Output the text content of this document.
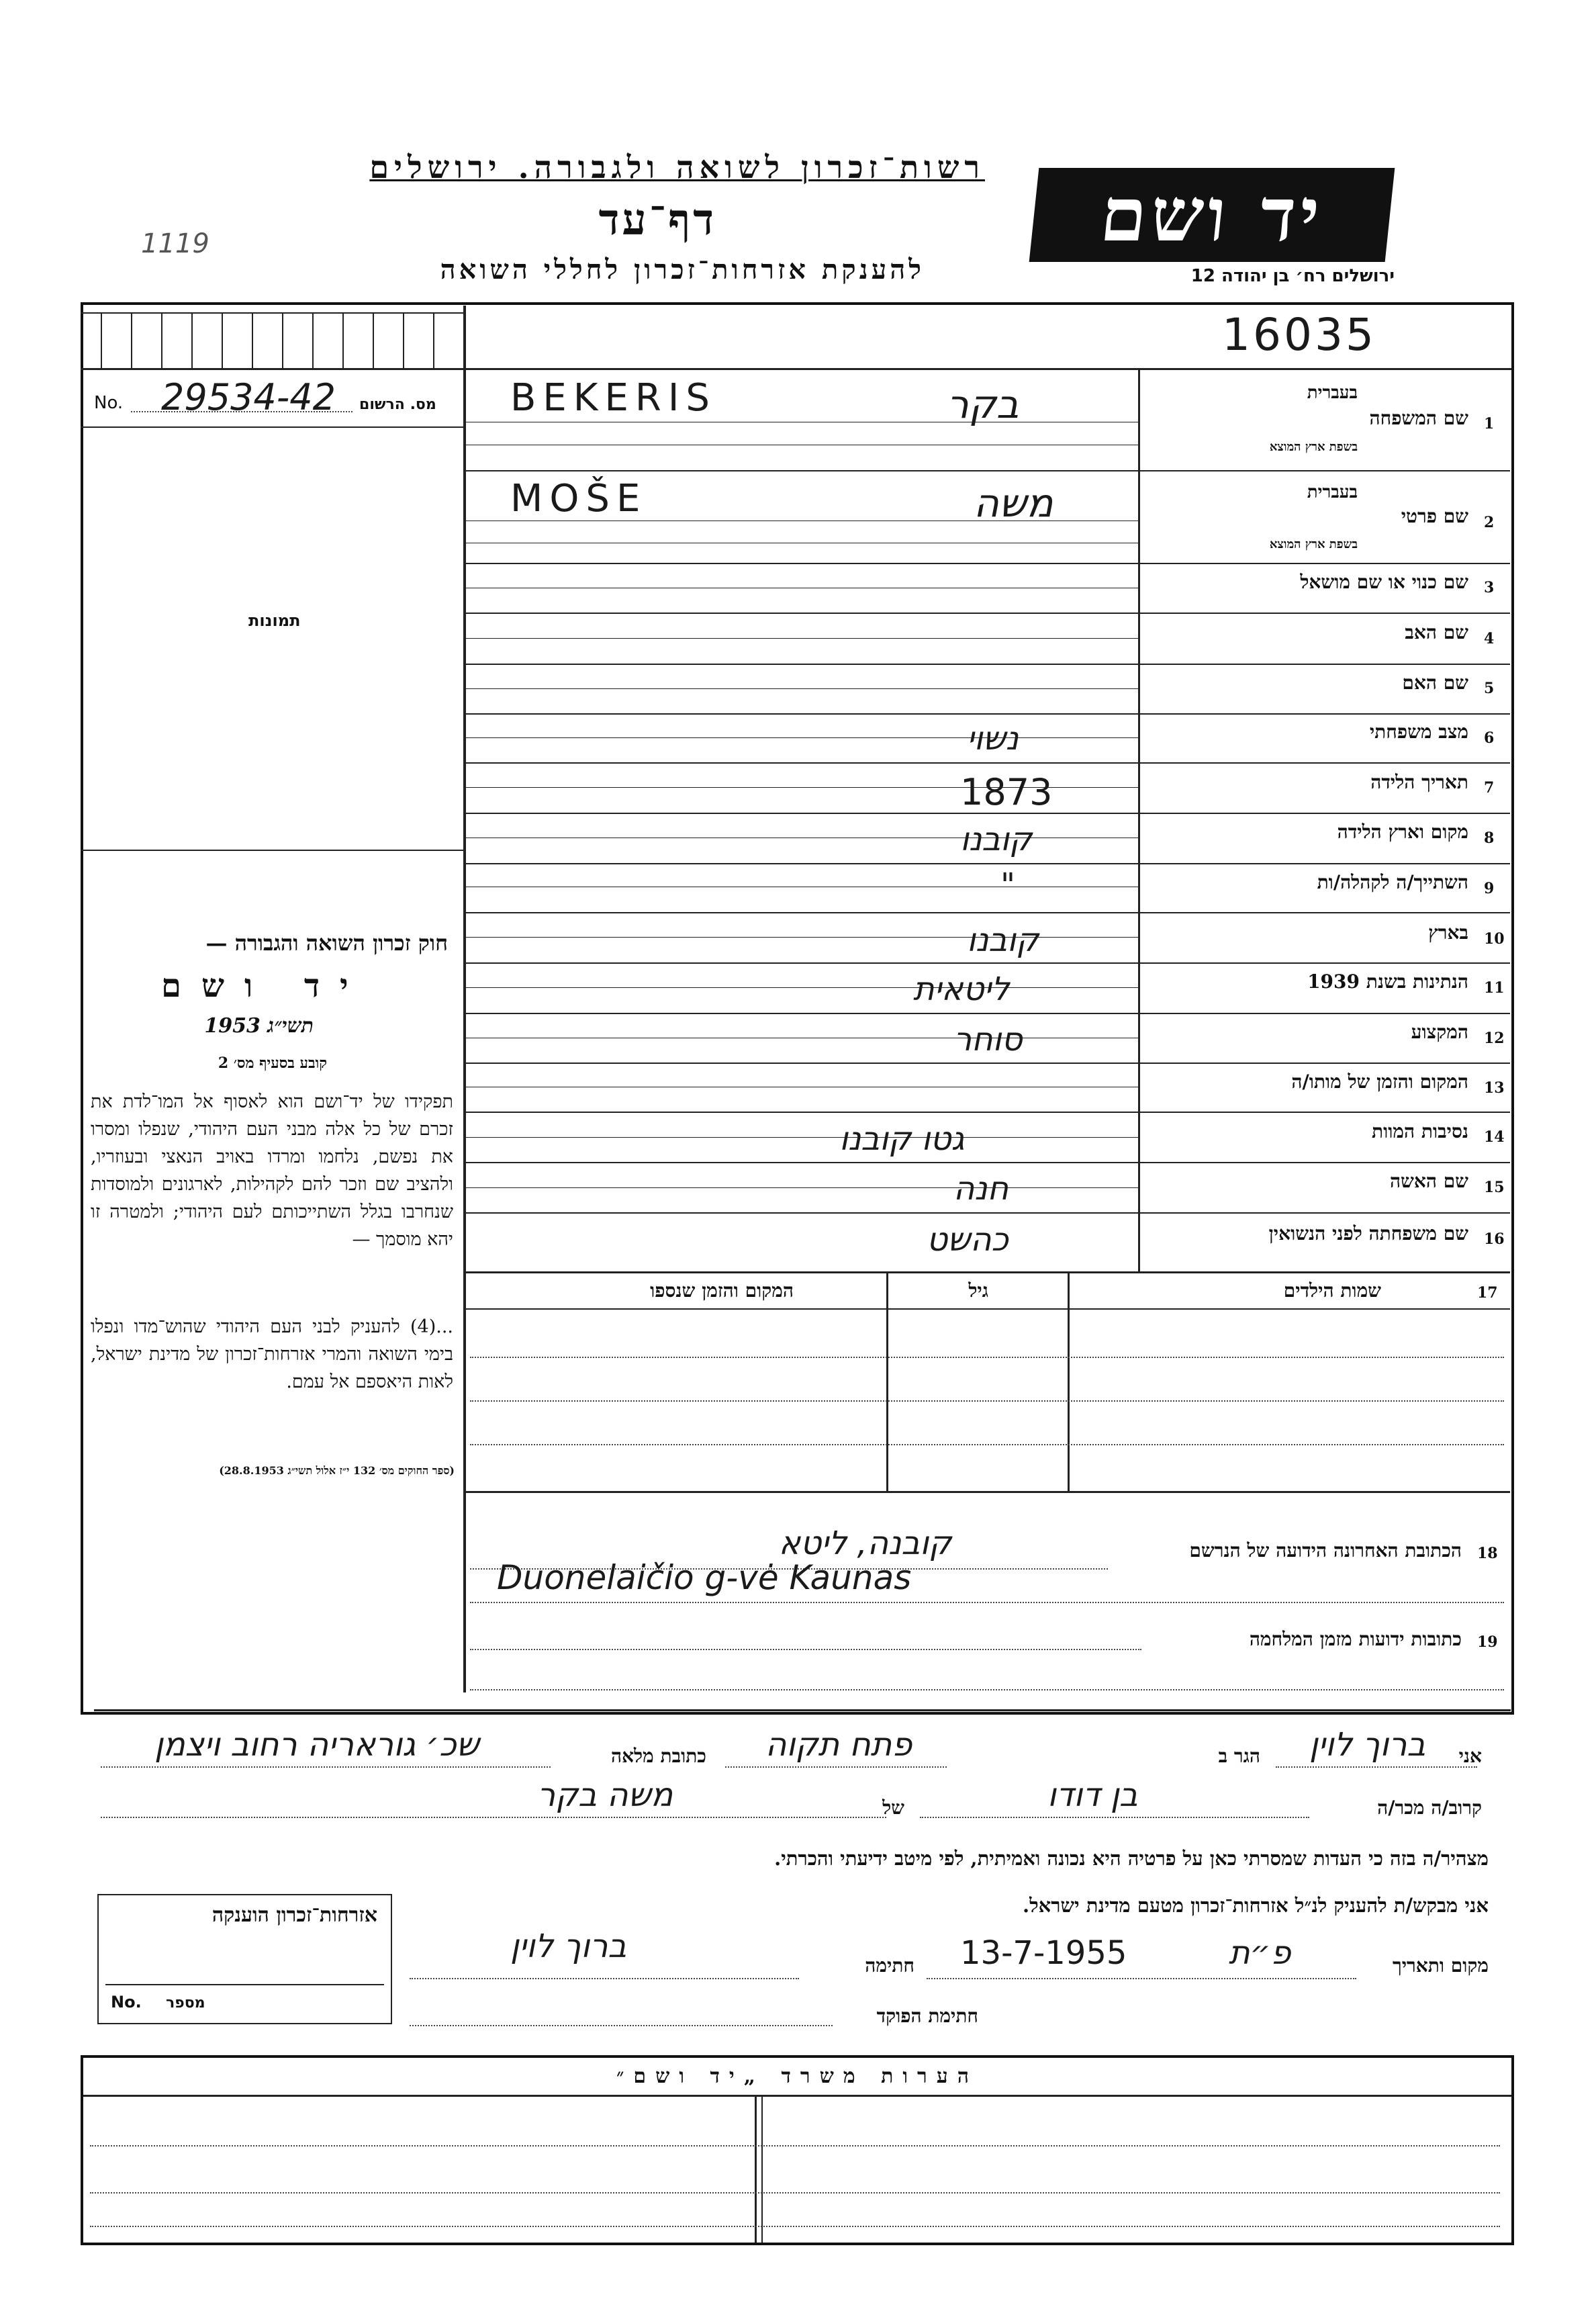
רשות־זכרון לשואה ולגבורה. ירושלים
דף־עד
להענקת אזרחות־זכרון לחללי השואה
1119	יד ושם
ירושלים רח׳ בן יהודה 12
16035
No. 29534-42 מס. הרשום
תמונות
חוק זכרון השואה והגבורה —
יד ושם
תשי״ג 1953
קובע בסעיף מס׳ 2
תפקידו של יד־ושם הוא לאסוף אל המו־לדת את זכרם של כל אלה מבני העם היהודי, שנפלו ומסרו את נפשם, נלחמו ומרדו באויב הנאצי ובעוזריו, ולהציב שם וזכר להם לקהילות, לארגונים ולמוסדות שנחרבו בגלל השתייכותם לעם היהודי; ולמטרה זו יהא מוסמך —
...(4) להעניק לבני העם היהודי שהוש־מדו ונפלו בימי השואה והמרי אזרחות־זכרון של מדינת ישראל, לאות היאספם אל עמם.
(ספר החוקים מס׳ 132 י״ז אלול תשי״ג 28.8.1953)
1
שם המשפחה
בעברית
בשפת ארץ המוצא
בקר
BEKERIS
2
שם פרטי
בעברית
בשפת ארץ המוצא
משה
MOŠE
3
שם כנוי או שם מושאל
4
שם האב
5
שם האם
6
מצב משפחתי
נשוי
7
תאריך הלידה
1873
8
מקום וארץ הלידה
קובנו
9
השתייך/ה לקהלה/ות
"
10
בארץ
קובנו
11
הנתינות בשנת 1939
ליטאית
12
המקצוע
סוחר
13
המקום והזמן של מותו/ה
14
נסיבות המוות
גטו קובנו
15
שם האשה
חנה
16
שם משפחתה לפני הנשואין
כהשט
17
שמות הילדים
גיל
המקום והזמן שנספו
18
הכתובת האחרונה הידועה של הנרשם
קובנה, ליטא
Duonelaičio g-vė Kaunas
19
כתובות ידועות מזמן המלחמה
אני
ברוך לוין
הגר ב
פתח תקוה
כתובת מלאה
שכ׳ גוראריה רחוב ויצמן
קרוב/ה מכר/ה
בן דודו
של
משה בקר
מצהיר/ה בזה כי העדות שמסרתי כאן על פרטיה היא נכונה ואמיתית, לפי מיטב ידיעתי והכרתי.
אני מבקש/ת להעניק לנ״ל אזרחות־זכרון מטעם מדינת ישראל.
מקום ותאריך
13-7-1955	פ״ת
חתימה
ברוך לוין
חתימת הפוקד
אזרחות־זכרון הוענקה
מספר
No.
הערות משרד „יד ושם״
